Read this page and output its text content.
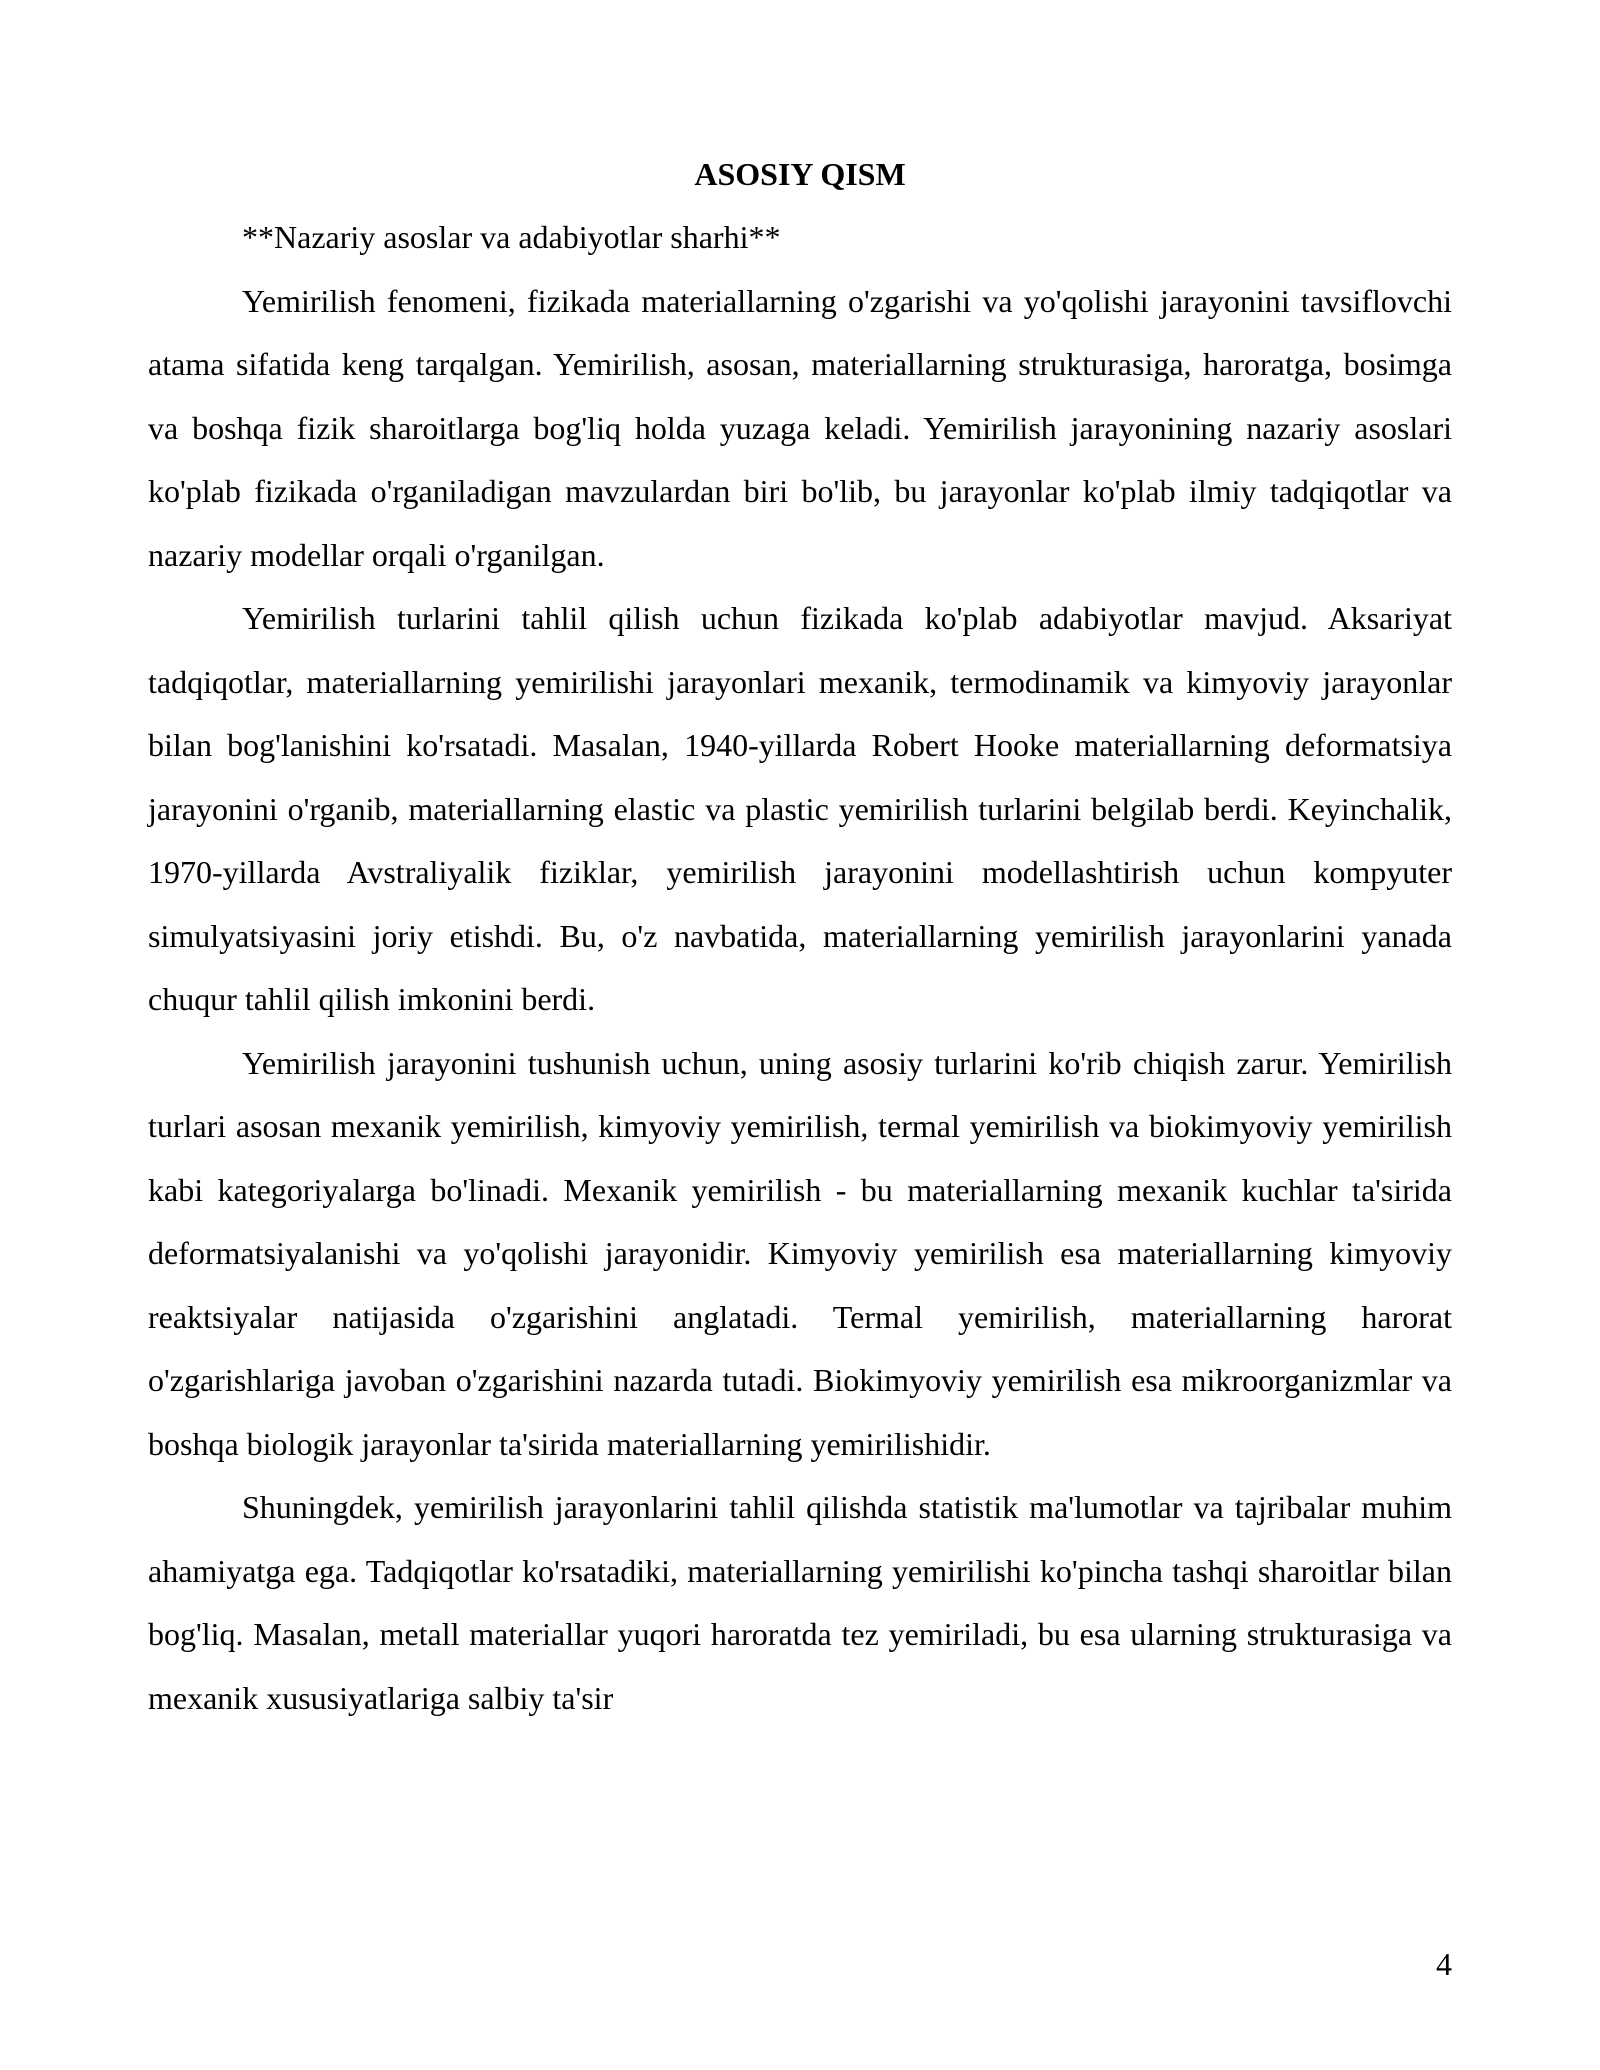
ASOSIY QISM

**Nazariy asoslar va adabiyotlar sharhi**

Yemirilish fenomeni, fizikada materiallarning o'zgarishi va yo'qolishi jarayonini tavsiflovchi atama sifatida keng tarqalgan. Yemirilish, asosan, materiallarning strukturasiga, haroratga, bosimga va boshqa fizik sharoitlarga bog'liq holda yuzaga keladi. Yemirilish jarayonining nazariy asoslari ko'plab fizikada o'rganiladigan mavzulardan biri bo'lib, bu jarayonlar ko'plab ilmiy tadqiqotlar va nazariy modellar orqali o'rganilgan.

Yemirilish turlarini tahlil qilish uchun fizikada ko'plab adabiyotlar mavjud. Aksariyat tadqiqotlar, materiallarning yemirilishi jarayonlari mexanik, termodinamik va kimyoviy jarayonlar bilan bog'lanishini ko'rsatadi. Masalan, 1940-yillarda Robert Hooke materiallarning deformatsiya jarayonini o'rganib, materiallarning elastic va plastic yemirilish turlarini belgilab berdi. Keyinchalik, 1970-yillarda Avstraliyalik fiziklar, yemirilish jarayonini modellashtirish uchun kompyuter simulyatsiyasini joriy etishdi. Bu, o'z navbatida, materiallarning yemirilish jarayonlarini yanada chuqur tahlil qilish imkonini berdi.

Yemirilish jarayonini tushunish uchun, uning asosiy turlarini ko'rib chiqish zarur. Yemirilish turlari asosan mexanik yemirilish, kimyoviy yemirilish, termal yemirilish va biokimyoviy yemirilish kabi kategoriyalarga bo'linadi. Mexanik yemirilish - bu materiallarning mexanik kuchlar ta'sirida deformatsiyalanishi va yo'qolishi jarayonidir. Kimyoviy yemirilish esa materiallarning kimyoviy reaktsiyalar natijasida o'zgarishini anglatadi. Termal yemirilish, materiallarning harorat o'zgarishlariga javoban o'zgarishini nazarda tutadi. Biokimyoviy yemirilish esa mikroorganizmlar va boshqa biologik jarayonlar ta'sirida materiallarning yemirilishidir.

Shuningdek, yemirilish jarayonlarini tahlil qilishda statistik ma'lumotlar va tajribalar muhim ahamiyatga ega. Tadqiqotlar ko'rsatadiki, materiallarning yemirilishi ko'pincha tashqi sharoitlar bilan bog'liq. Masalan, metall materiallar yuqori haroratda tez yemiriladi, bu esa ularning strukturasiga va mexanik xususiyatlariga salbiy ta'sir

4
